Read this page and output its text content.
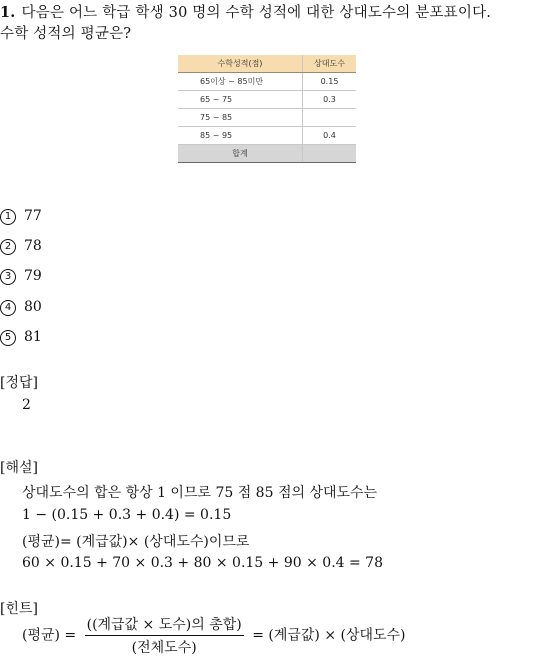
1. 다음은 어느 학급 학생 30 명의 수학 성적에 대한 상대도수의 분포표이다.
수학 성적의 평균은?
수학성적(점)	상대도수
65이상 ~ 85미만	0.15
65 ~ 75	0.3
75 ~ 85	
85 ~ 95	0.4
합계	
1 77
2 78
3 79
4 80
5 81
[정답]
2
[해설]
상대도수의 합은 항상 1 이므로 75 점 85 점의 상대도수는
1 − (0.15 + 0.3 + 0.4) = 0.15
(평균)= (계급값)× (상대도수)이므로
60 × 0.15 + 70 × 0.3 + 80 × 0.15 + 90 × 0.4 = 78
[힌트]
(평균) = $\frac{\text{((계급값 × 도수)의 총합)}}{\text{(전체도수)}}$ = (계급값) × (상대도수)
